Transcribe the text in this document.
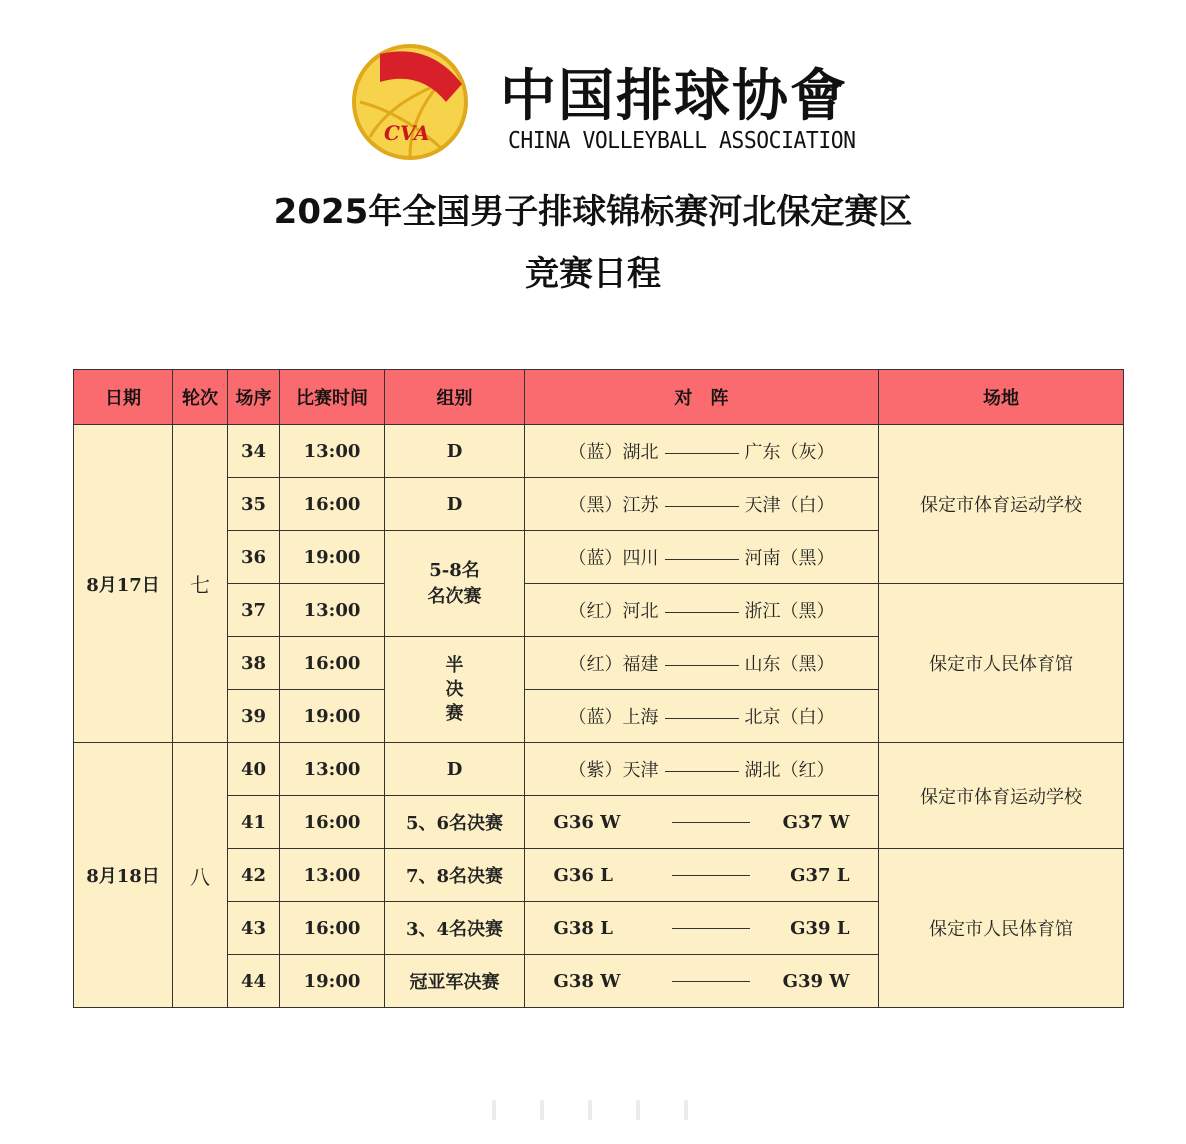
CVA
中国排球协會
CHINA VOLLEYBALL ASSOCIATION
2025年全国男子排球锦标赛河北保定赛区
竞赛日程
日期	轮次	场序	比赛时间	组别	对　阵	场地
8月17日	七	34	13:00	D	（蓝）湖北 广东（灰）	保定市体育运动学校
		35	16:00	D	（黑）江苏 天津（白）	
		36	19:00	5-8名
名次赛	（蓝）四川 河南（黑）	
		37	13:00		（红）河北 浙江（黑）	保定市人民体育馆
		38	16:00	半
决
赛	（红）福建 山东（黑）	
		39	19:00		（蓝）上海 北京（白）	
8月18日	八	40	13:00	D	（紫）天津 湖北（红）	保定市体育运动学校
		41	16:00	5、6名决赛	G36 W G37 W	
		42	13:00	7、8名决赛	G36 L G37 L	保定市人民体育馆
		43	16:00	3、4名决赛	G38 L G39 L	
		44	19:00	冠亚军决赛	G38 W G39 W	
